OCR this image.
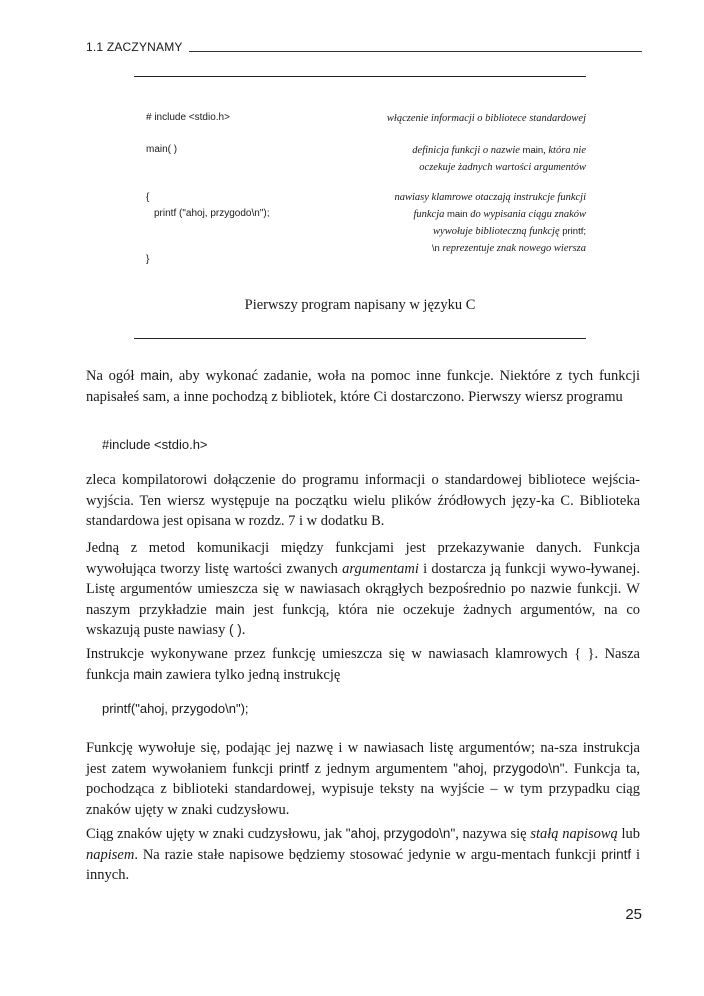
1.1 ZACZYNAMY
# include <stdio.h>
main( )
{
printf ("ahoj, przygodo\n");
}
włączenie informacji o bibliotece standardowej
definicja funkcji o nazwie main, która nie
oczekuje żadnych wartości argumentów
nawiasy klamrowe otaczają instrukcje funkcji
funkcja main do wypisania ciągu znaków
wywołuje biblioteczną funkcję printf;
\n reprezentuje znak nowego wiersza
Pierwszy program napisany w języku C
Na ogół main, aby wykonać zadanie, woła na pomoc inne funkcje. Niektóre z tych funkcji napisałeś sam, a inne pochodzą z bibliotek, które Ci dostarczono. Pierwszy wiersz programu
#include <stdio.h>
zleca kompilatorowi dołączenie do programu informacji o standardowej bibliotece wejścia-wyjścia. Ten wiersz występuje na początku wielu plików źródłowych języ-ka C. Biblioteka standardowa jest opisana w rozdz. 7 i w dodatku B.
Jedną z metod komunikacji między funkcjami jest przekazywanie danych. Funkcja wywołująca tworzy listę wartości zwanych argumentami i dostarcza ją funkcji wywo-ływanej. Listę argumentów umieszcza się w nawiasach okrągłych bezpośrednio po nazwie funkcji. W naszym przykładzie main jest funkcją, która nie oczekuje żadnych argumentów, na co wskazują puste nawiasy ( ).
Instrukcje wykonywane przez funkcję umieszcza się w nawiasach klamrowych { }. Nasza funkcja main zawiera tylko jedną instrukcję
printf("ahoj, przygodo\n");
Funkcję wywołuje się, podając jej nazwę i w nawiasach listę argumentów; na-sza instrukcja jest zatem wywołaniem funkcji printf z jednym argumentem "ahoj, przygodo\n". Funkcja ta, pochodząca z biblioteki standardowej, wypisuje teksty na wyjście – w tym przypadku ciąg znaków ujęty w znaki cudzysłowu.
Ciąg znaków ujęty w znaki cudzysłowu, jak "ahoj, przygodo\n", nazywa się stałą napisową lub napisem. Na razie stałe napisowe będziemy stosować jedynie w argu-mentach funkcji printf i innych.
25
